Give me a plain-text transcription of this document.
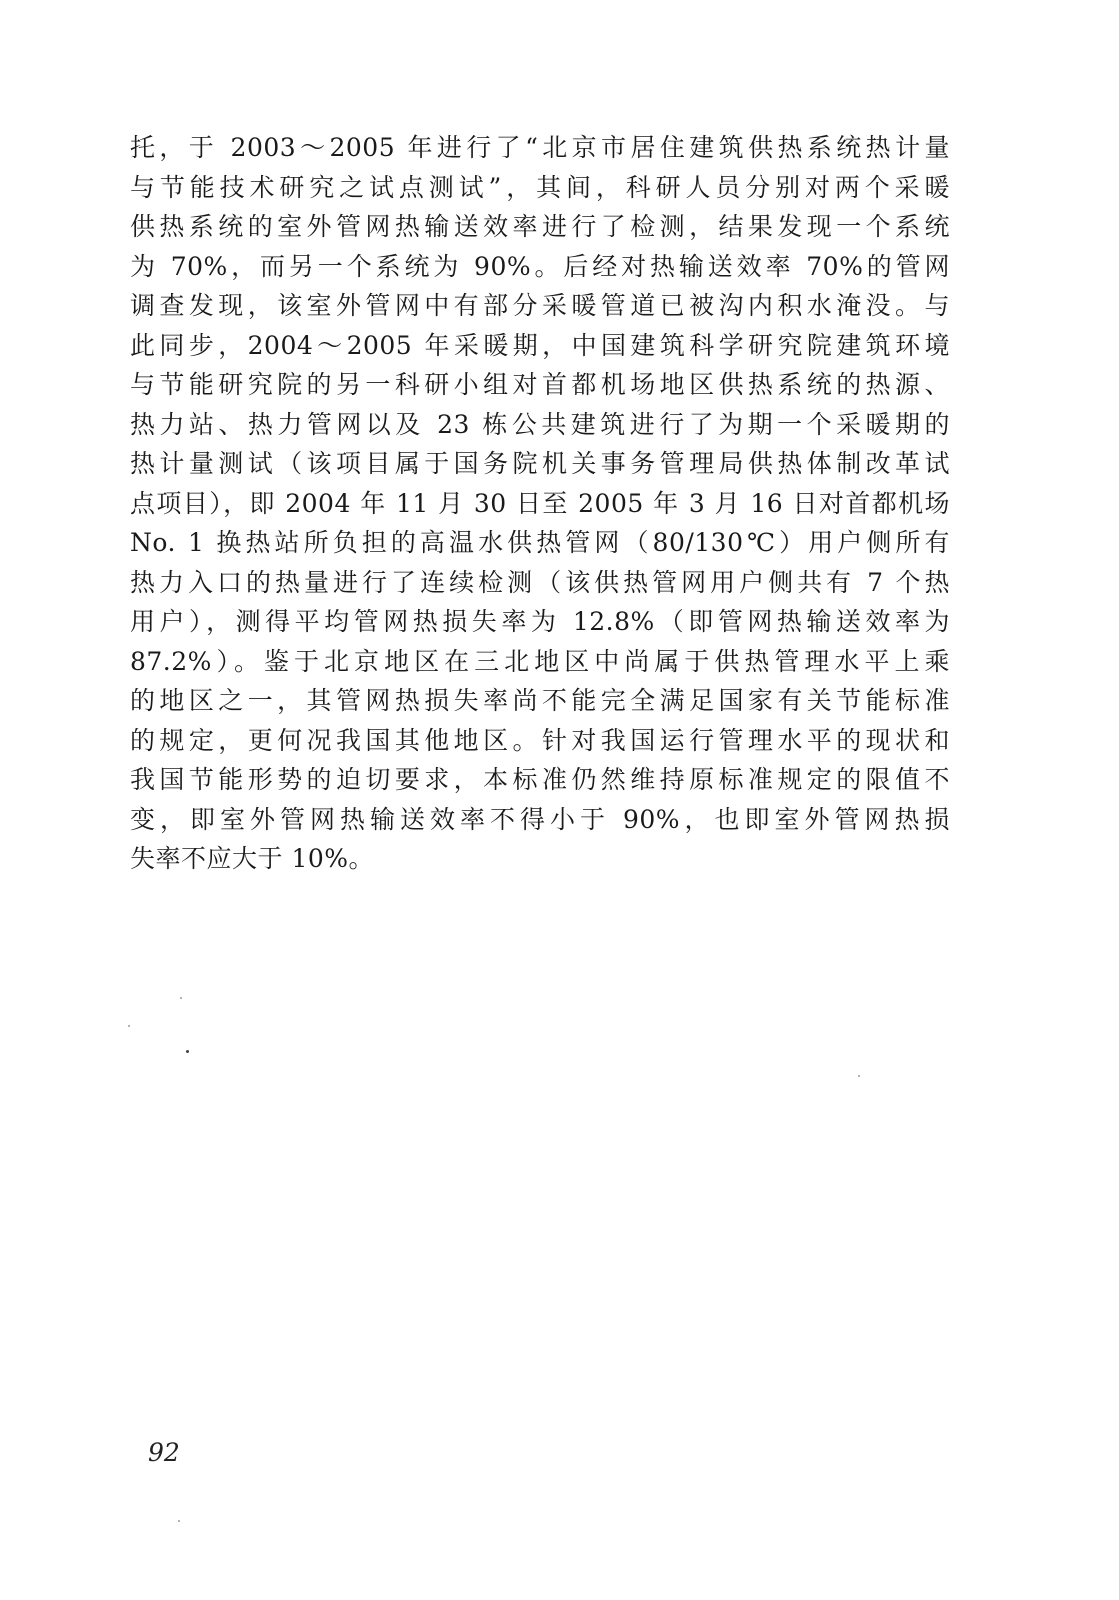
托，于 2003～2005 年进行了“北京市居住建筑供热系统热计量
与节能技术研究之试点测试”，其间，科研人员分别对两个采暖
供热系统的室外管网热输送效率进行了检测，结果发现一个系统
为 70%，而另一个系统为 90%。后经对热输送效率 70%的管网
调查发现，该室外管网中有部分采暖管道已被沟内积水淹没。与
此同步，2004～2005 年采暖期，中国建筑科学研究院建筑环境
与节能研究院的另一科研小组对首都机场地区供热系统的热源、
热力站、热力管网以及 23 栋公共建筑进行了为期一个采暖期的
热计量测试（该项目属于国务院机关事务管理局供热体制改革试
点项目），即 2004 年 11 月 30 日至 2005 年 3 月 16 日对首都机场
No. 1 换热站所负担的高温水供热管网（80/130℃）用户侧所有
热力入口的热量进行了连续检测（该供热管网用户侧共有 7 个热
用户），测得平均管网热损失率为 12.8%（即管网热输送效率为
87.2%）。鉴于北京地区在三北地区中尚属于供热管理水平上乘
的地区之一，其管网热损失率尚不能完全满足国家有关节能标准
的规定，更何况我国其他地区。针对我国运行管理水平的现状和
我国节能形势的迫切要求，本标准仍然维持原标准规定的限值不
变，即室外管网热输送效率不得小于 90%，也即室外管网热损
失率不应大于 10%。
92
